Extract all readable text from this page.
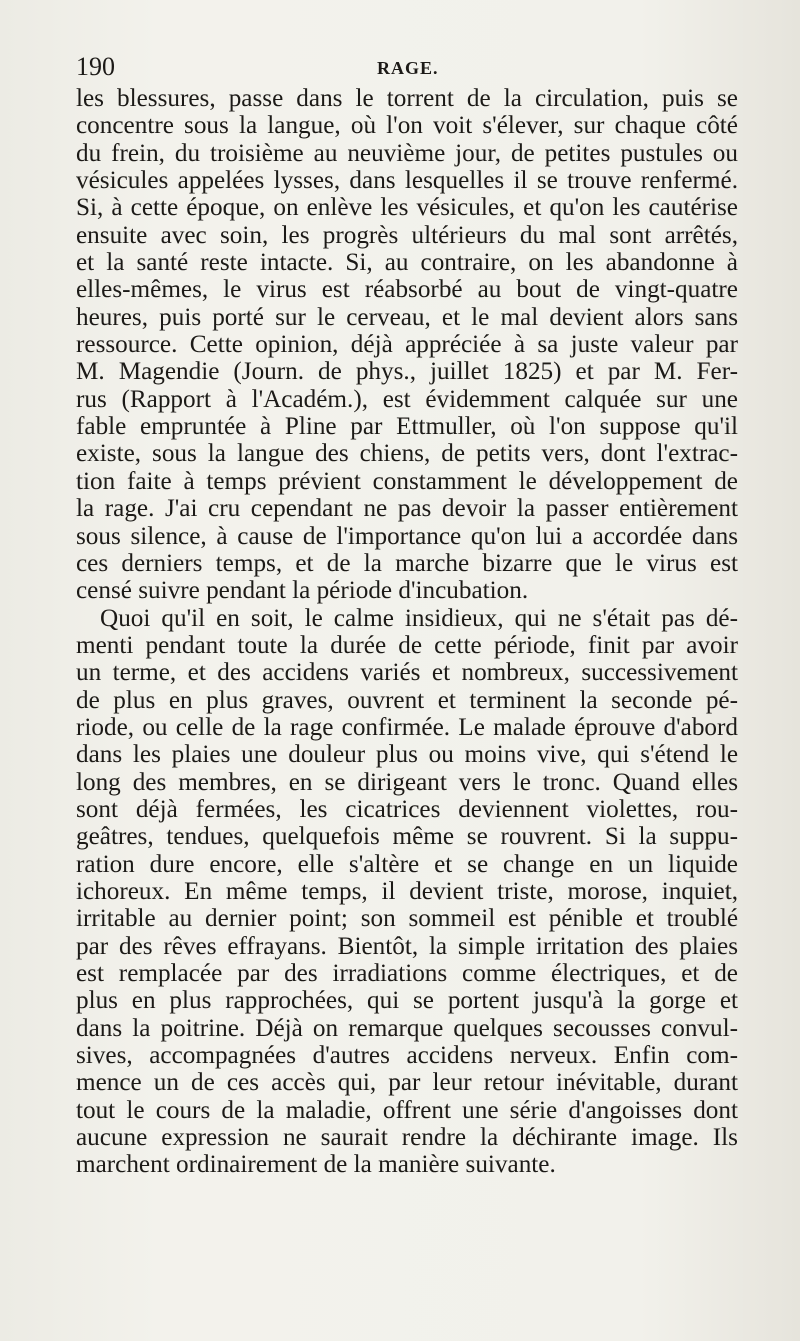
190	RAGE.
les blessures, passe dans le torrent de la circulation, puis se
concentre sous la langue, où l'on voit s'élever, sur chaque côté
du frein, du troisième au neuvième jour, de petites pustules ou
vésicules appelées lysses, dans lesquelles il se trouve renfermé.
Si, à cette époque, on enlève les vésicules, et qu'on les cautérise
ensuite avec soin, les progrès ultérieurs du mal sont arrêtés,
et la santé reste intacte. Si, au contraire, on les abandonne à
elles-mêmes, le virus est réabsorbé au bout de vingt-quatre
heures, puis porté sur le cerveau, et le mal devient alors sans
ressource. Cette opinion, déjà appréciée à sa juste valeur par
M. Magendie (Journ. de phys., juillet 1825) et par M. Fer-
rus (Rapport à l'Académ.), est évidemment calquée sur une
fable empruntée à Pline par Ettmuller, où l'on suppose qu'il
existe, sous la langue des chiens, de petits vers, dont l'extrac-
tion faite à temps prévient constamment le développement de
la rage. J'ai cru cependant ne pas devoir la passer entièrement
sous silence, à cause de l'importance qu'on lui a accordée dans
ces derniers temps, et de la marche bizarre que le virus est
censé suivre pendant la période d'incubation.
Quoi qu'il en soit, le calme insidieux, qui ne s'était pas dé-
menti pendant toute la durée de cette période, finit par avoir
un terme, et des accidens variés et nombreux, successivement
de plus en plus graves, ouvrent et terminent la seconde pé-
riode, ou celle de la rage confirmée. Le malade éprouve d'abord
dans les plaies une douleur plus ou moins vive, qui s'étend le
long des membres, en se dirigeant vers le tronc. Quand elles
sont déjà fermées, les cicatrices deviennent violettes, rou-
geâtres, tendues, quelquefois même se rouvrent. Si la suppu-
ration dure encore, elle s'altère et se change en un liquide
ichoreux. En même temps, il devient triste, morose, inquiet,
irritable au dernier point; son sommeil est pénible et troublé
par des rêves effrayans. Bientôt, la simple irritation des plaies
est remplacée par des irradiations comme électriques, et de
plus en plus rapprochées, qui se portent jusqu'à la gorge et
dans la poitrine. Déjà on remarque quelques secousses convul-
sives, accompagnées d'autres accidens nerveux. Enfin com-
mence un de ces accès qui, par leur retour inévitable, durant
tout le cours de la maladie, offrent une série d'angoisses dont
aucune expression ne saurait rendre la déchirante image. Ils
marchent ordinairement de la manière suivante.
